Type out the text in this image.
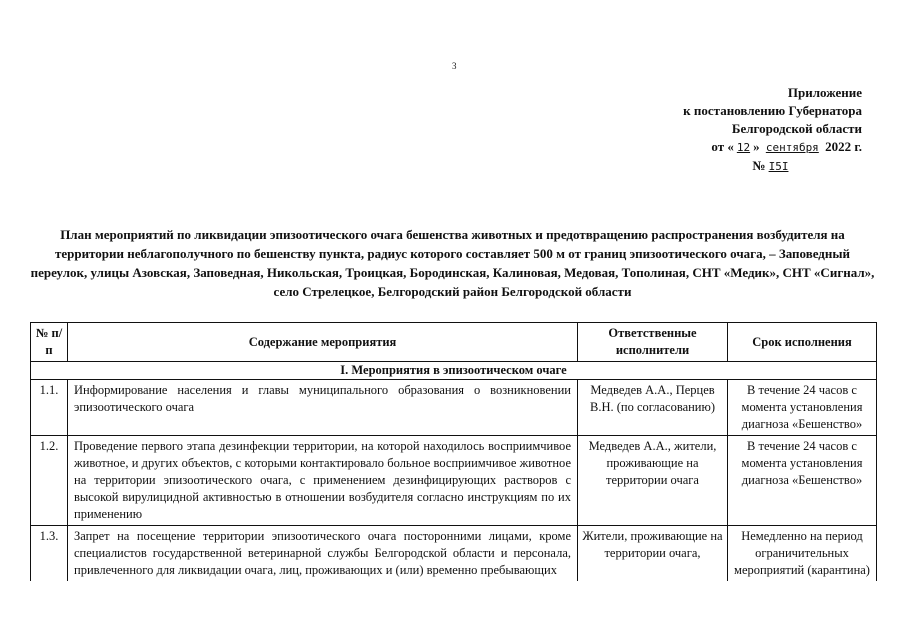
3
Приложение
к постановлению Губернатора
Белгородской области
от « 12 » сентября 2022 г.
№ I5I
План мероприятий по ликвидации эпизоотического очага бешенства животных и предотвращению распространения возбудителя на территории неблагополучного по бешенству пункта, радиус которого составляет 500 м от границ эпизоотического очага, – Заповедный переулок, улицы Азовская, Заповедная, Никольская, Троицкая, Бородинская, Калиновая, Медовая, Тополиная, СНТ «Медик», СНТ «Сигнал», село Стрелецкое, Белгородский район Белгородской области
№ п/п	Содержание мероприятия	Ответственные исполнители	Срок исполнения
I. Мероприятия в эпизоотическом очаге			
1.1.	Информирование населения и главы муниципального образования о возникновении эпизоотического очага	Медведев А.А., Перцев В.Н. (по согласованию)	В течение 24 часов с момента установления диагноза «Бешенство»
1.2.	Проведение первого этапа дезинфекции территории, на которой находилось восприимчивое животное, и других объектов, с которыми контактировало больное восприимчивое животное на территории эпизоотического очага, с применением дезинфицирующих растворов с высокой вирулицидной активностью в отношении возбудителя согласно инструкциям по их применению	Медведев А.А., жители, проживающие на территории очага	В течение 24 часов с момента установления диагноза «Бешенство»
1.3.	Запрет на посещение территории эпизоотического очага посторонними лицами, кроме специалистов государственной ветеринарной службы Белгородской области и персонала, привлеченного для ликвидации очага, лиц, проживающих и (или) временно пребывающих	Жители, проживающие на территории очага,	Немедленно на период ограничительных мероприятий (карантина)
